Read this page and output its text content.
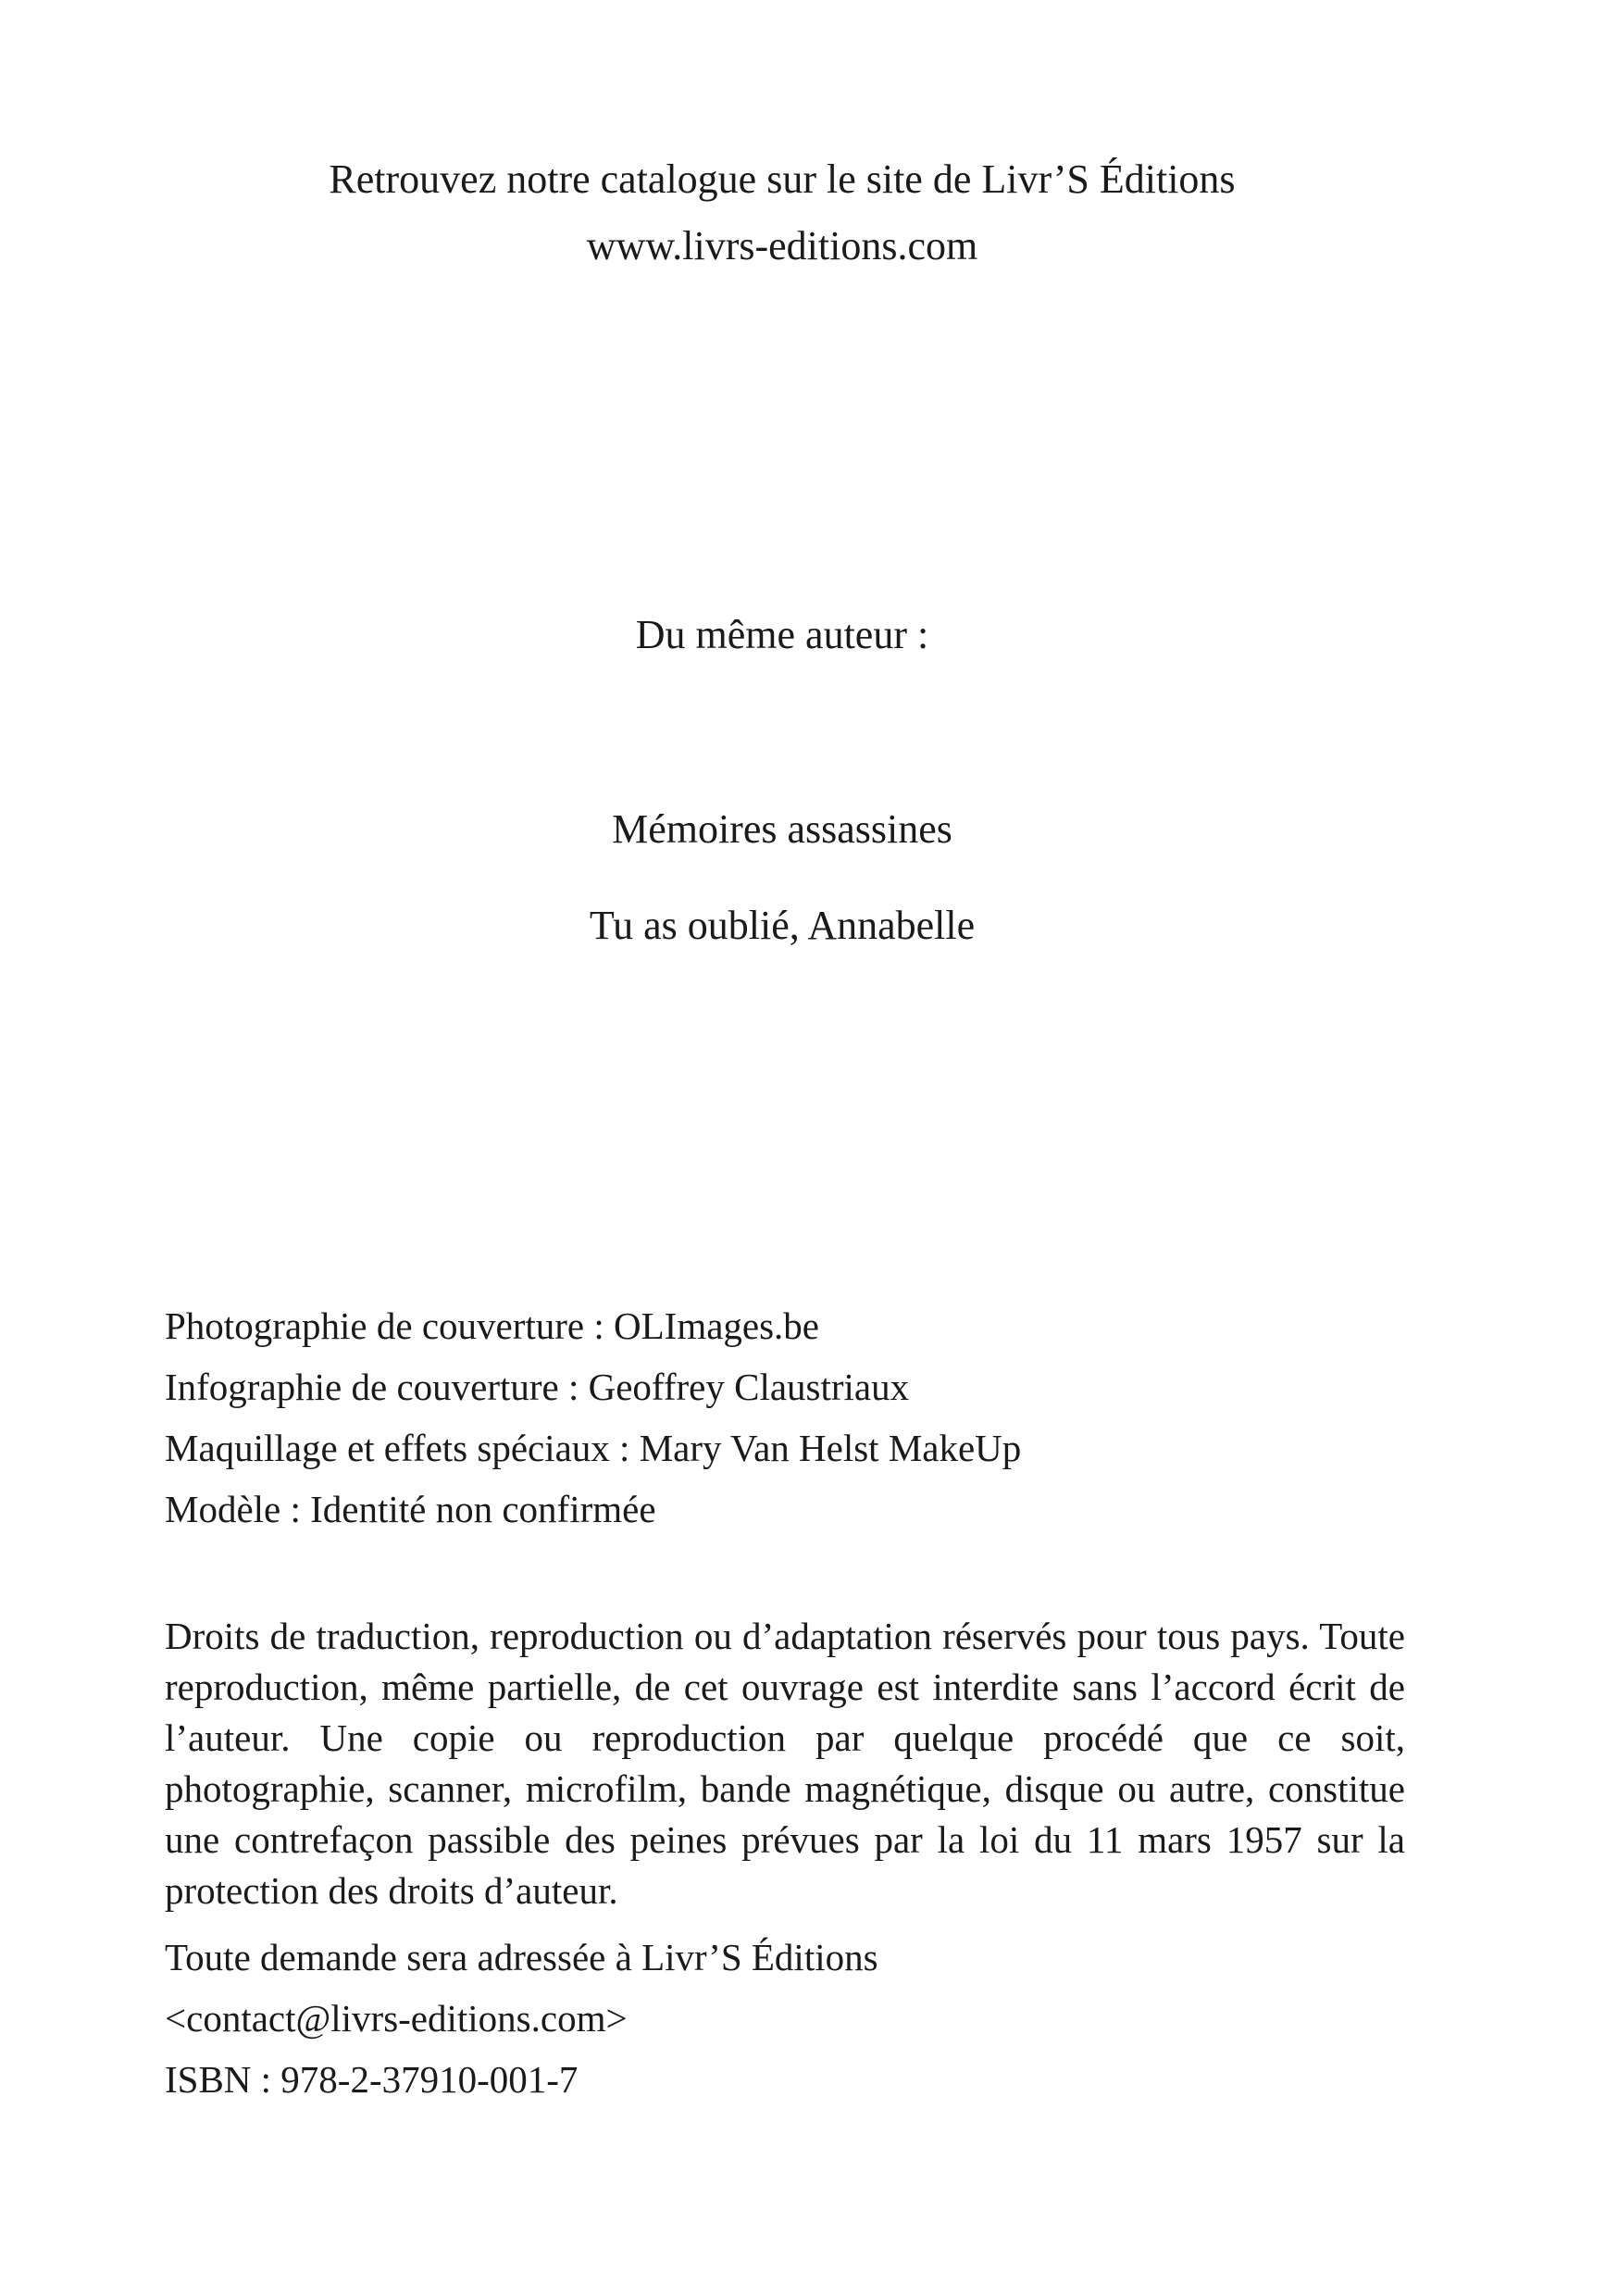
Retrouvez notre catalogue sur le site de Livr’S Éditions
www.livrs-editions.com
Du même auteur :
Mémoires assassines
Tu as oublié, Annabelle
Photographie de couverture : OLImages.be
Infographie de couverture : Geoffrey Claustriaux
Maquillage et effets spéciaux : Mary Van Helst MakeUp
Modèle : Identité non confirmée
Droits de traduction, reproduction ou d’adaptation réservés pour tous pays. Toute reproduction, même partielle, de cet ouvrage est interdite sans l’accord écrit de l’auteur. Une copie ou reproduction par quelque procédé que ce soit, photographie, scanner, microfilm, bande magnétique, disque ou autre, constitue une contrefaçon passible des peines prévues par la loi du 11 mars 1957 sur la protection des droits d’auteur.
Toute demande sera adressée à Livr’S Éditions
<contact@livrs-editions.com>
ISBN : 978-2-37910-001-7
